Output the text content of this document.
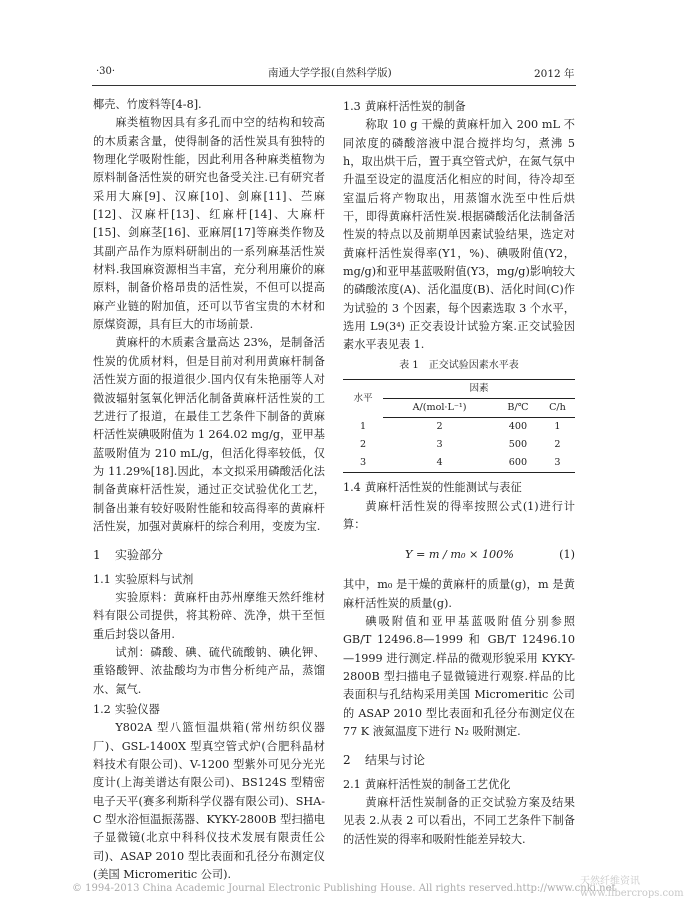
·30·	南通大学学报(自然科学版)	2012 年

椰壳、竹废料等[4-8].

麻类植物因具有多孔而中空的结构和较高的木质素含量，使得制备的活性炭具有独特的物理化学吸附性能，因此利用各种麻类植物为原料制备活性炭的研究也备受关注.已有研究者采用大麻[9]、汉麻[10]、剑麻[11]、苎麻[12]、汉麻杆[13]、红麻杆[14]、大麻杆[15]、剑麻茎[16]、亚麻屑[17]等麻类作物及其副产品作为原料研制出的一系列麻基活性炭材料.我国麻资源相当丰富，充分利用廉价的麻原料，制备价格昂贵的活性炭，不但可以提高麻产业链的附加值，还可以节省宝贵的木材和原煤资源，具有巨大的市场前景.

黄麻杆的木质素含量高达 23%，是制备活性炭的优质材料，但是目前对利用黄麻杆制备活性炭方面的报道很少.国内仅有朱艳丽等人对微波辐射氢氧化钾活化制备黄麻杆活性炭的工艺进行了报道，在最佳工艺条件下制备的黄麻杆活性炭碘吸附值为 1 264.02 mg/g，亚甲基蓝吸附值为 210 mL/g，但活化得率较低，仅为 11.29%[18].因此，本文拟采用磷酸活化法制备黄麻杆活性炭，通过正交试验优化工艺，制备出兼有较好吸附性能和较高得率的黄麻杆活性炭，加强对黄麻杆的综合利用，变废为宝.

1 实验部分

1.1 实验原料与试剂

实验原料：黄麻杆由苏州摩维天然纤维材料有限公司提供，将其粉碎、洗净，烘干至恒重后封袋以备用.

试剂：磷酸、碘、硫代硫酸钠、碘化钾、重铬酸钾、浓盐酸均为市售分析纯产品，蒸馏水、氮气.

1.2 实验仪器

Y802A 型八篮恒温烘箱(常州纺织仪器厂)、GSL-1400X 型真空管式炉(合肥科晶材料技术有限公司)、V-1200 型紫外可见分光光度计(上海美谱达有限公司)、BS124S 型精密电子天平(赛多利斯科学仪器有限公司)、SHA-C 型水浴恒温振荡器、KYKY-2800B 型扫描电子显微镜(北京中科科仪技术发展有限责任公司)、ASAP 2010 型比表面和孔径分布测定仪(美国 Micromeritic 公司).

1.3 黄麻杆活性炭的制备

称取 10 g 干燥的黄麻杆加入 200 mL 不同浓度的磷酸溶液中混合搅拌均匀，煮沸 5 h，取出烘干后，置于真空管式炉，在氮气氛中升温至设定的温度活化相应的时间，待冷却至室温后将产物取出，用蒸馏水洗至中性后烘干，即得黄麻杆活性炭.根据磷酸活化法制备活性炭的特点以及前期单因素试验结果，选定对黄麻杆活性炭得率(Y1，%)、碘吸附值(Y2，mg/g)和亚甲基蓝吸附值(Y3，mg/g)影响较大的磷酸浓度(A)、活化温度(B)、活化时间(C)作为试验的 3 个因素，每个因素选取 3 个水平，选用 L9(3⁴) 正交表设计试验方案.正交试验因素水平表见表 1.

表 1　正交试验因素水平表

水平	因素		
	A/(mol·L⁻¹)	B/℃	C/h
1	2	400	1
2	3	500	2
3	4	600	3

1.4 黄麻杆活性炭的性能测试与表征

黄麻杆活性炭的得率按照公式(1)进行计算：

Y = m / m₀ × 100%	(1)

其中，m₀ 是干燥的黄麻杆的质量(g)，m 是黄麻杆活性炭的质量(g).

碘吸附值和亚甲基蓝吸附值分别参照 GB/T 12496.8—1999 和 GB/T 12496.10—1999 进行测定.样品的微观形貌采用 KYKY-2800B 型扫描电子显微镜进行观察.样品的比表面积与孔结构采用美国 Micromeritic 公司的 ASAP 2010 型比表面和孔径分布测定仪在 77 K 液氮温度下进行 N₂ 吸附测定.

2 结果与讨论

2.1 黄麻杆活性炭的制备工艺优化

黄麻杆活性炭制备的正交试验方案及结果见表 2.从表 2 可以看出，不同工艺条件下制备的活性炭的得率和吸附性能差异较大.

© 1994-2013 China Academic Journal Electronic Publishing House. All rights reserved. http://www.cnki.net
天然纤维资讯
www.fibercrops.com
